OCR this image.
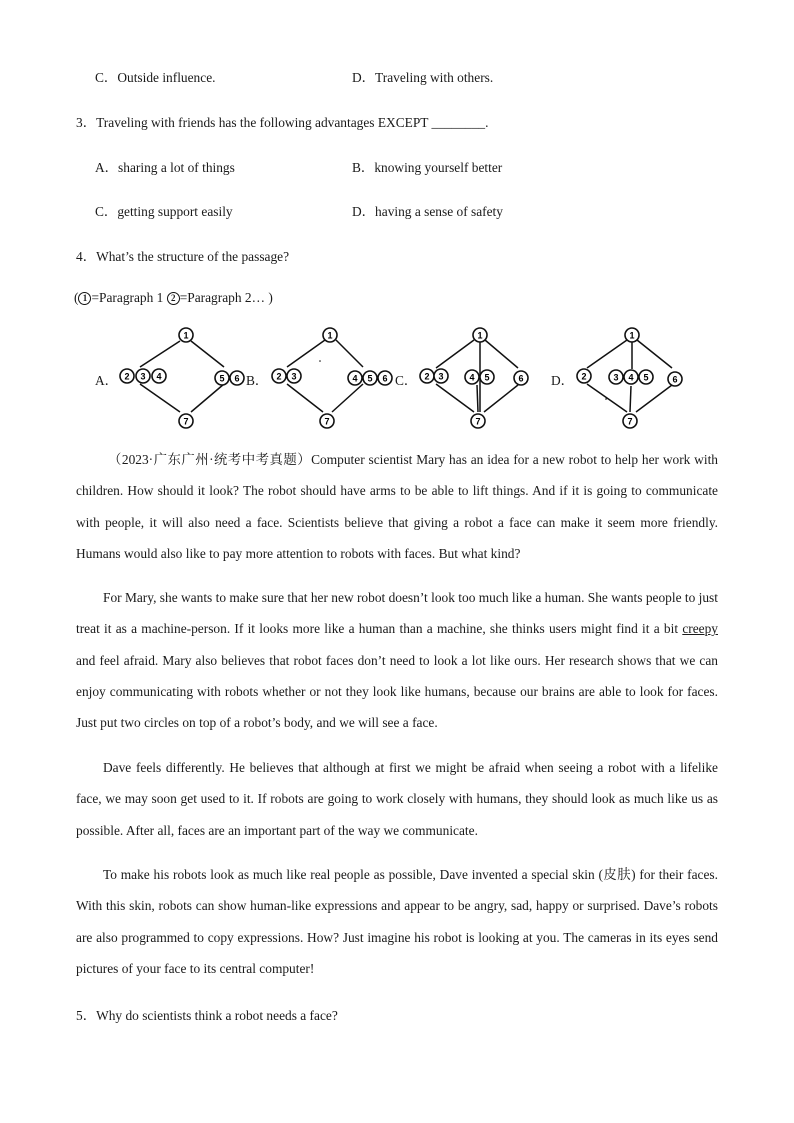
C．Outside influence.	D．Traveling with others.
3．Traveling with friends has the following advantages EXCEPT ________.
A．sharing a lot of things	B．knowing yourself better
C．getting support easily	D．having a sense of safety
4．What’s the structure of the passage?
( 1 =Paragraph 1 2 =Paragraph 2… )
A．	B．	C．	D．
1
2 3 4	5 6
7
1
2 3	4 5 6
7
1
2 3	4 5	6
7
1
2	3 4 5	6
7
（2023·广东广州·统考中考真题）Computer scientist Mary has an idea for a new robot to help her work with children. How should it look? The robot should have arms to be able to lift things. And if it is going to communicate with people, it will also need a face. Scientists believe that giving a robot a face can make it seem more friendly. Humans would also like to pay more attention to robots with faces. But what kind?
For Mary, she wants to make sure that her new robot doesn’t look too much like a human. She wants people to just treat it as a machine-person. If it looks more like a human than a machine, she thinks users might find it a bit creepy and feel afraid. Mary also believes that robot faces don’t need to look a lot like ours. Her research shows that we can enjoy communicating with robots whether or not they look like humans, because our brains are able to look for faces. Just put two circles on top of a robot’s body, and we will see a face.
Dave feels differently. He believes that although at first we might be afraid when seeing a robot with a lifelike face, we may soon get used to it. If robots are going to work closely with humans, they should look as much like us as possible. After all, faces are an important part of the way we communicate.
To make his robots look as much like real people as possible, Dave invented a special skin (皮肤) for their faces. With this skin, robots can show human-like expressions and appear to be angry, sad, happy or surprised. Dave’s robots are also programmed to copy expressions. How? Just imagine his robot is looking at you. The cameras in its eyes send pictures of your face to its central computer!
5．Why do scientists think a robot needs a face?
